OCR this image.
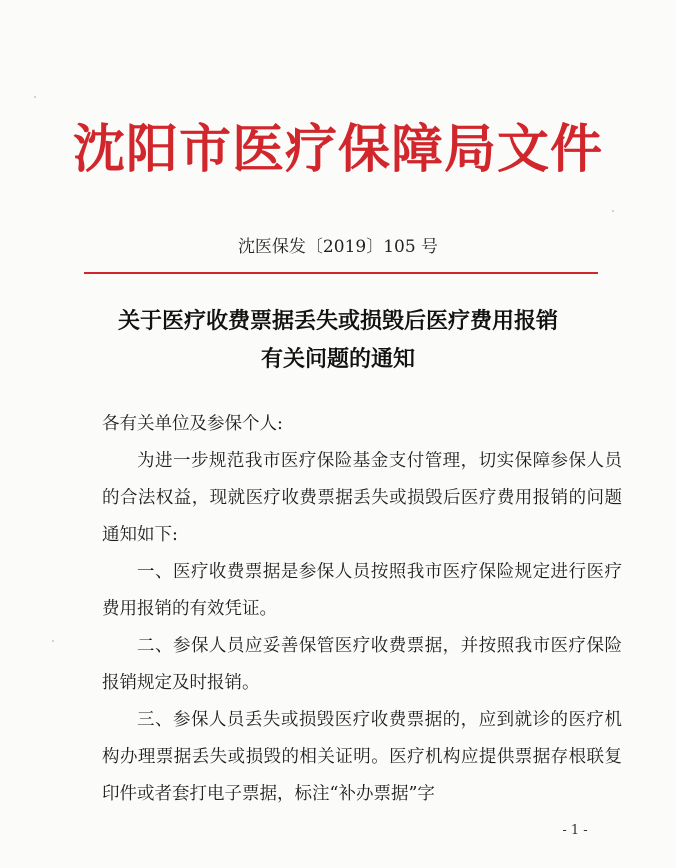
沈阳市医疗保障局文件
沈医保发〔2019〕105 号
关于医疗收费票据丢失或损毁后医疗费用报销
有关问题的通知

各有关单位及参保个人:

为进一步规范我市医疗保险基金支付管理，切实保障参保人员的合法权益，现就医疗收费票据丢失或损毁后医疗费用报销的问题通知如下:

一、医疗收费票据是参保人员按照我市医疗保险规定进行医疗费用报销的有效凭证。

二、参保人员应妥善保管医疗收费票据，并按照我市医疗保险报销规定及时报销。

三、参保人员丢失或损毁医疗收费票据的，应到就诊的医疗机构办理票据丢失或损毁的相关证明。医疗机构应提供票据存根联复印件或者套打电子票据，标注“补办票据”字

- 1 -
